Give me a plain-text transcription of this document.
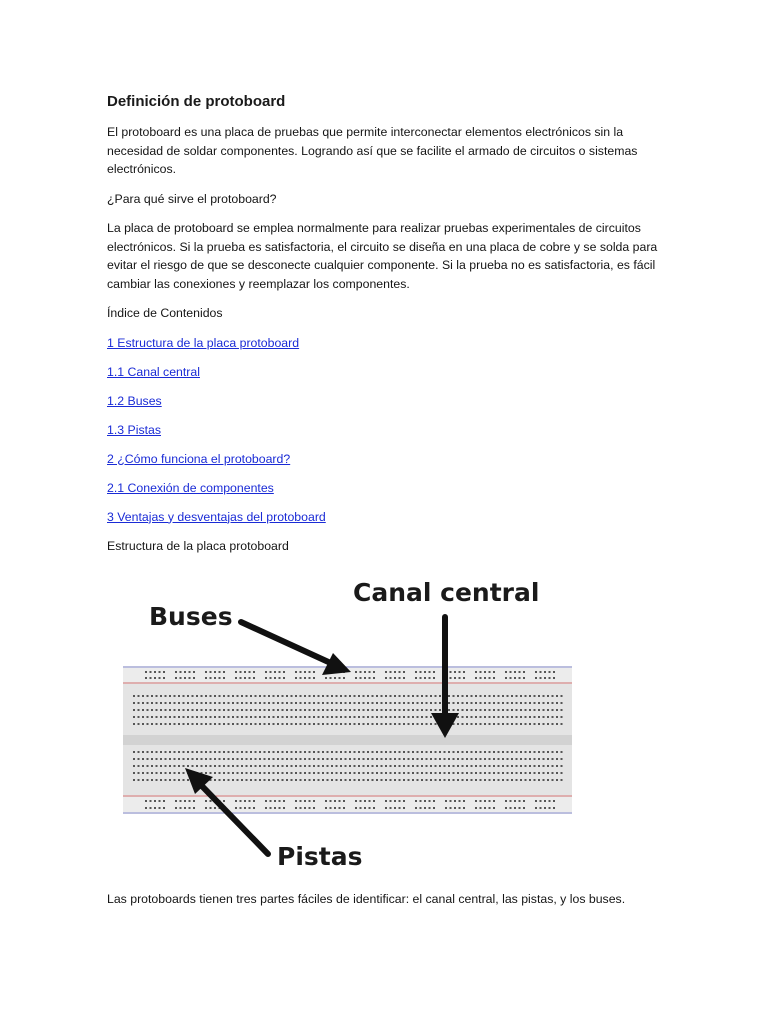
Definición de protoboard

El protoboard es una placa de pruebas que permite interconectar elementos electrónicos sin la necesidad de soldar componentes. Logrando así que se facilite el armado de circuitos o sistemas electrónicos.

¿Para qué sirve el protoboard?

La placa de protoboard se emplea normalmente para realizar pruebas experimentales de circuitos electrónicos. Si la prueba es satisfactoria, el circuito se diseña en una placa de cobre y se solda para evitar el riesgo de que se desconecte cualquier componente. Si la prueba no es satisfactoria, es fácil cambiar las conexiones y reemplazar los componentes.

Índice de Contenidos

1 Estructura de la placa protoboard
1.1 Canal central
1.2 Buses
1.3 Pistas
2 ¿Cómo funciona el protoboard?
2.1 Conexión de componentes
3 Ventajas y desventajas del protoboard

Estructura de la placa protoboard

Buses
Canal central
Pistas

Las protoboards tienen tres partes fáciles de identificar: el canal central, las pistas, y los buses.
